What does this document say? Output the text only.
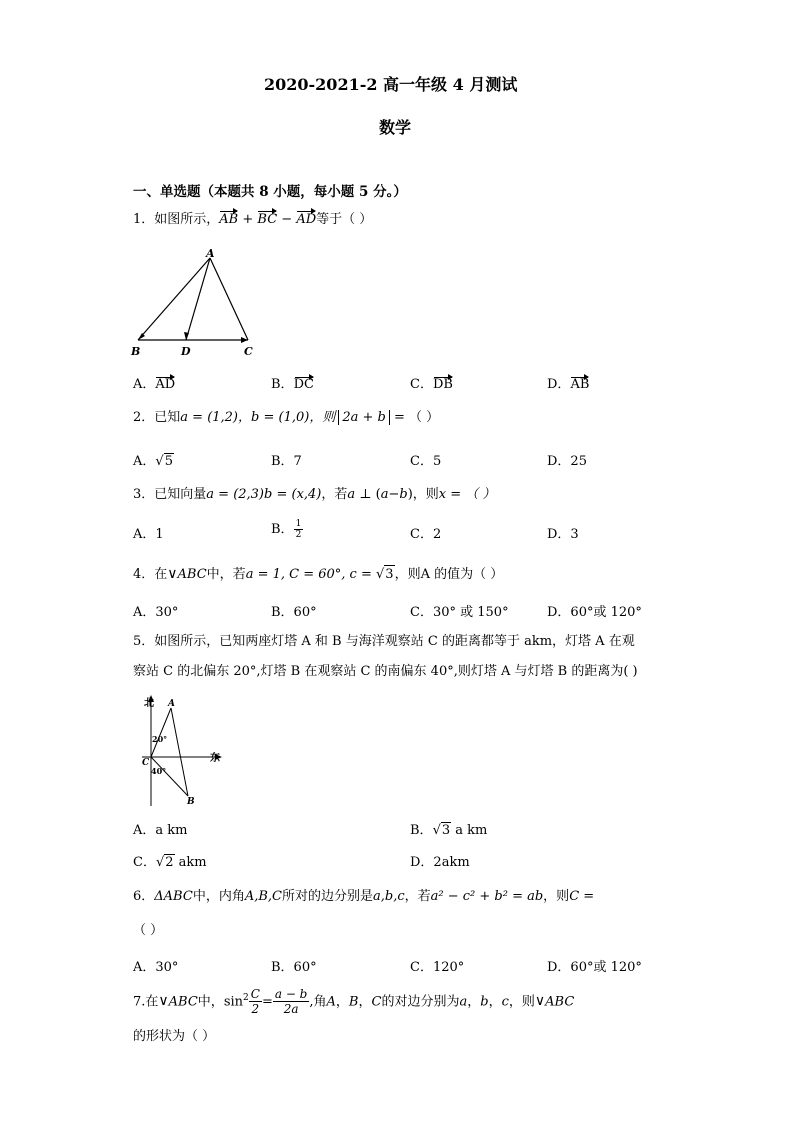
2020-2021-2 高一年级 4 月测试
数学
一、单选题（本题共 8 小题，每小题 5 分。）
1．如图所示，AB + BC − AD等于（ ）
A
B	D	C
A．AD	B．DC	C．DB	D．AB
2．已知a = (1,2)，b = (1,0)，则 2a + b = （ ）
A．√5	B．7	C．5	D．25
3．已知向量a = (2,3)b = (x,4)，若a ⊥ (a−b)，则x = （ ）
A．1	B． $\frac{1}{2}$	C．2	D．3
4．在∨ABC中，若a = 1, C = 60°, c = √3，则A 的值为（ ）
A．30°	B．60°	C．30° 或 150°	D．60°或 120°
5．如图所示，已知两座灯塔 A 和 B 与海洋观察站 C 的距离都等于 akm，灯塔 A 在观
察站 C 的北偏东 20°,灯塔 B 在观察站 C 的南偏东 40°,则灯塔 A 与灯塔 B 的距离为( )
北
东
A
B
C
20°
40°
A．a km	B．√3 a km
C．√2 akm	D．2akm
6．ΔABC中，内角A,B,C所对的边分别是a,b,c，若a² − c² + b² = ab，则C =
（ ）
A．30°	B．60°	C．120°	D．60°或 120°
7.在∨ABC中，$\sin^2 \frac{C}{2} = \frac{a - b}{2a}$ ,角A，B，C的对边分别为a，b，c，则∨ABC
的形状为（ ）
